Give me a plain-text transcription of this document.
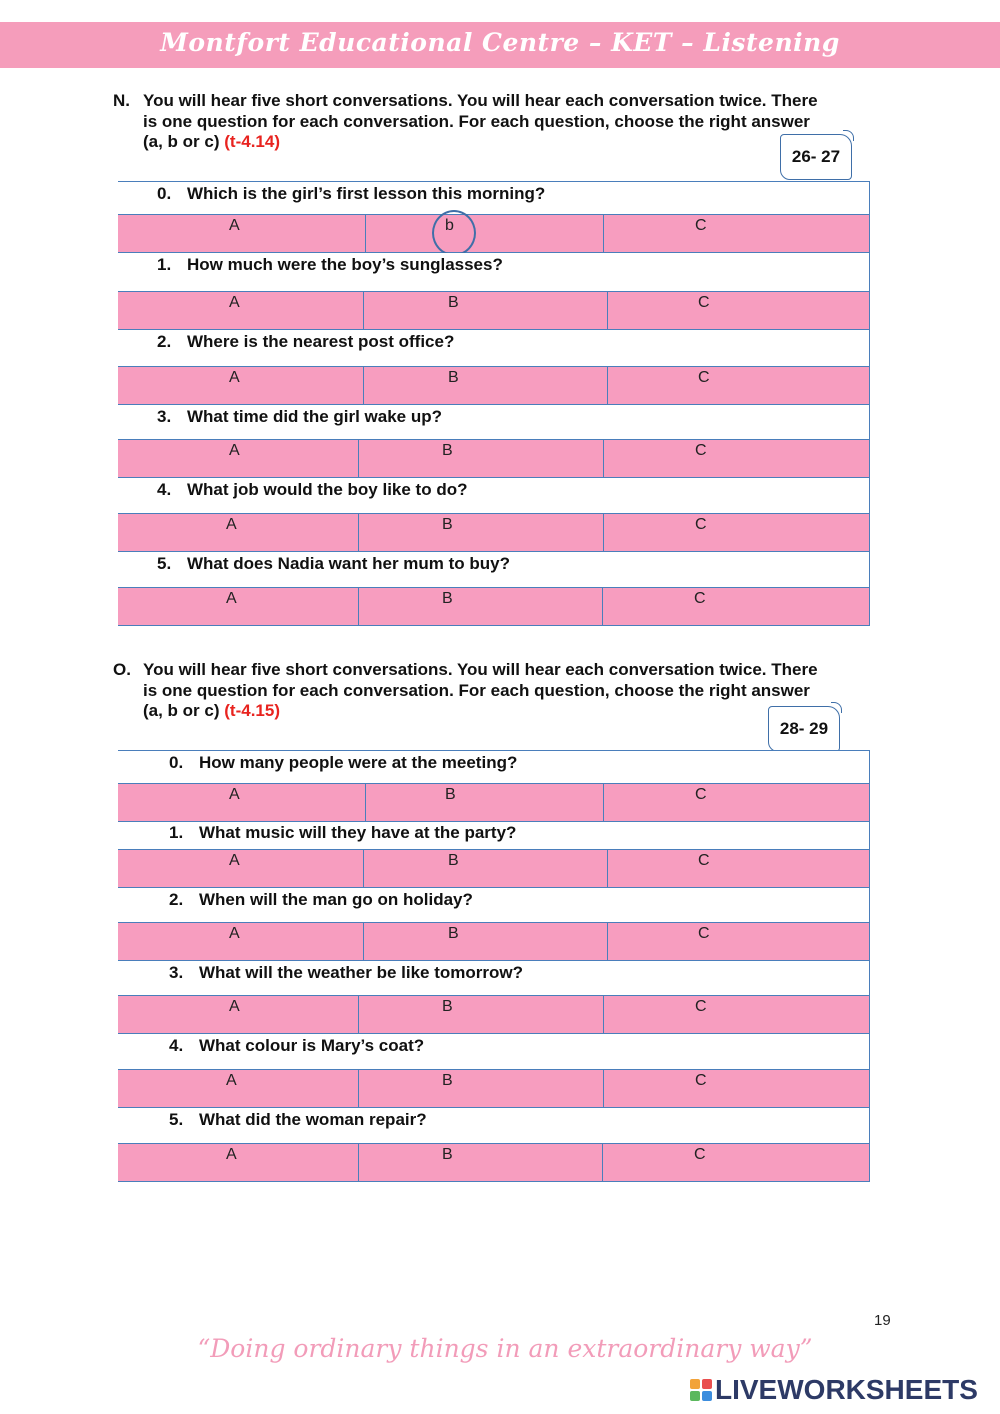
Montfort Educational Centre – KET – Listening
N. You will hear five short conversations. You will hear each conversation twice. There is one question for each conversation. For each question, choose the right answer (a, b or c) (t-4.14)
26- 27
0. Which is the girl’s first lesson this morning?
A	b	C
1. How much were the boy’s sunglasses?
A	B	C
2. Where is the nearest post office?
A	B	C
3. What time did the girl wake up?
A	B	C
4. What job would the boy like to do?
A	B	C
5. What does Nadia want her mum to buy?
A	B	C
O. You will hear five short conversations. You will hear each conversation twice. There is one question for each conversation. For each question, choose the right answer (a, b or c) (t-4.15)
28- 29
0. How many people were at the meeting?
A	B	C
1. What music will they have at the party?
A	B	C
2. When will the man go on holiday?
A	B	C
3. What will the weather be like tomorrow?
A	B	C
4. What colour is Mary’s coat?
A	B	C
5. What did the woman repair?
A	B	C
19
“Doing ordinary things in an extraordinary way”
LIVEWORKSHEETS
